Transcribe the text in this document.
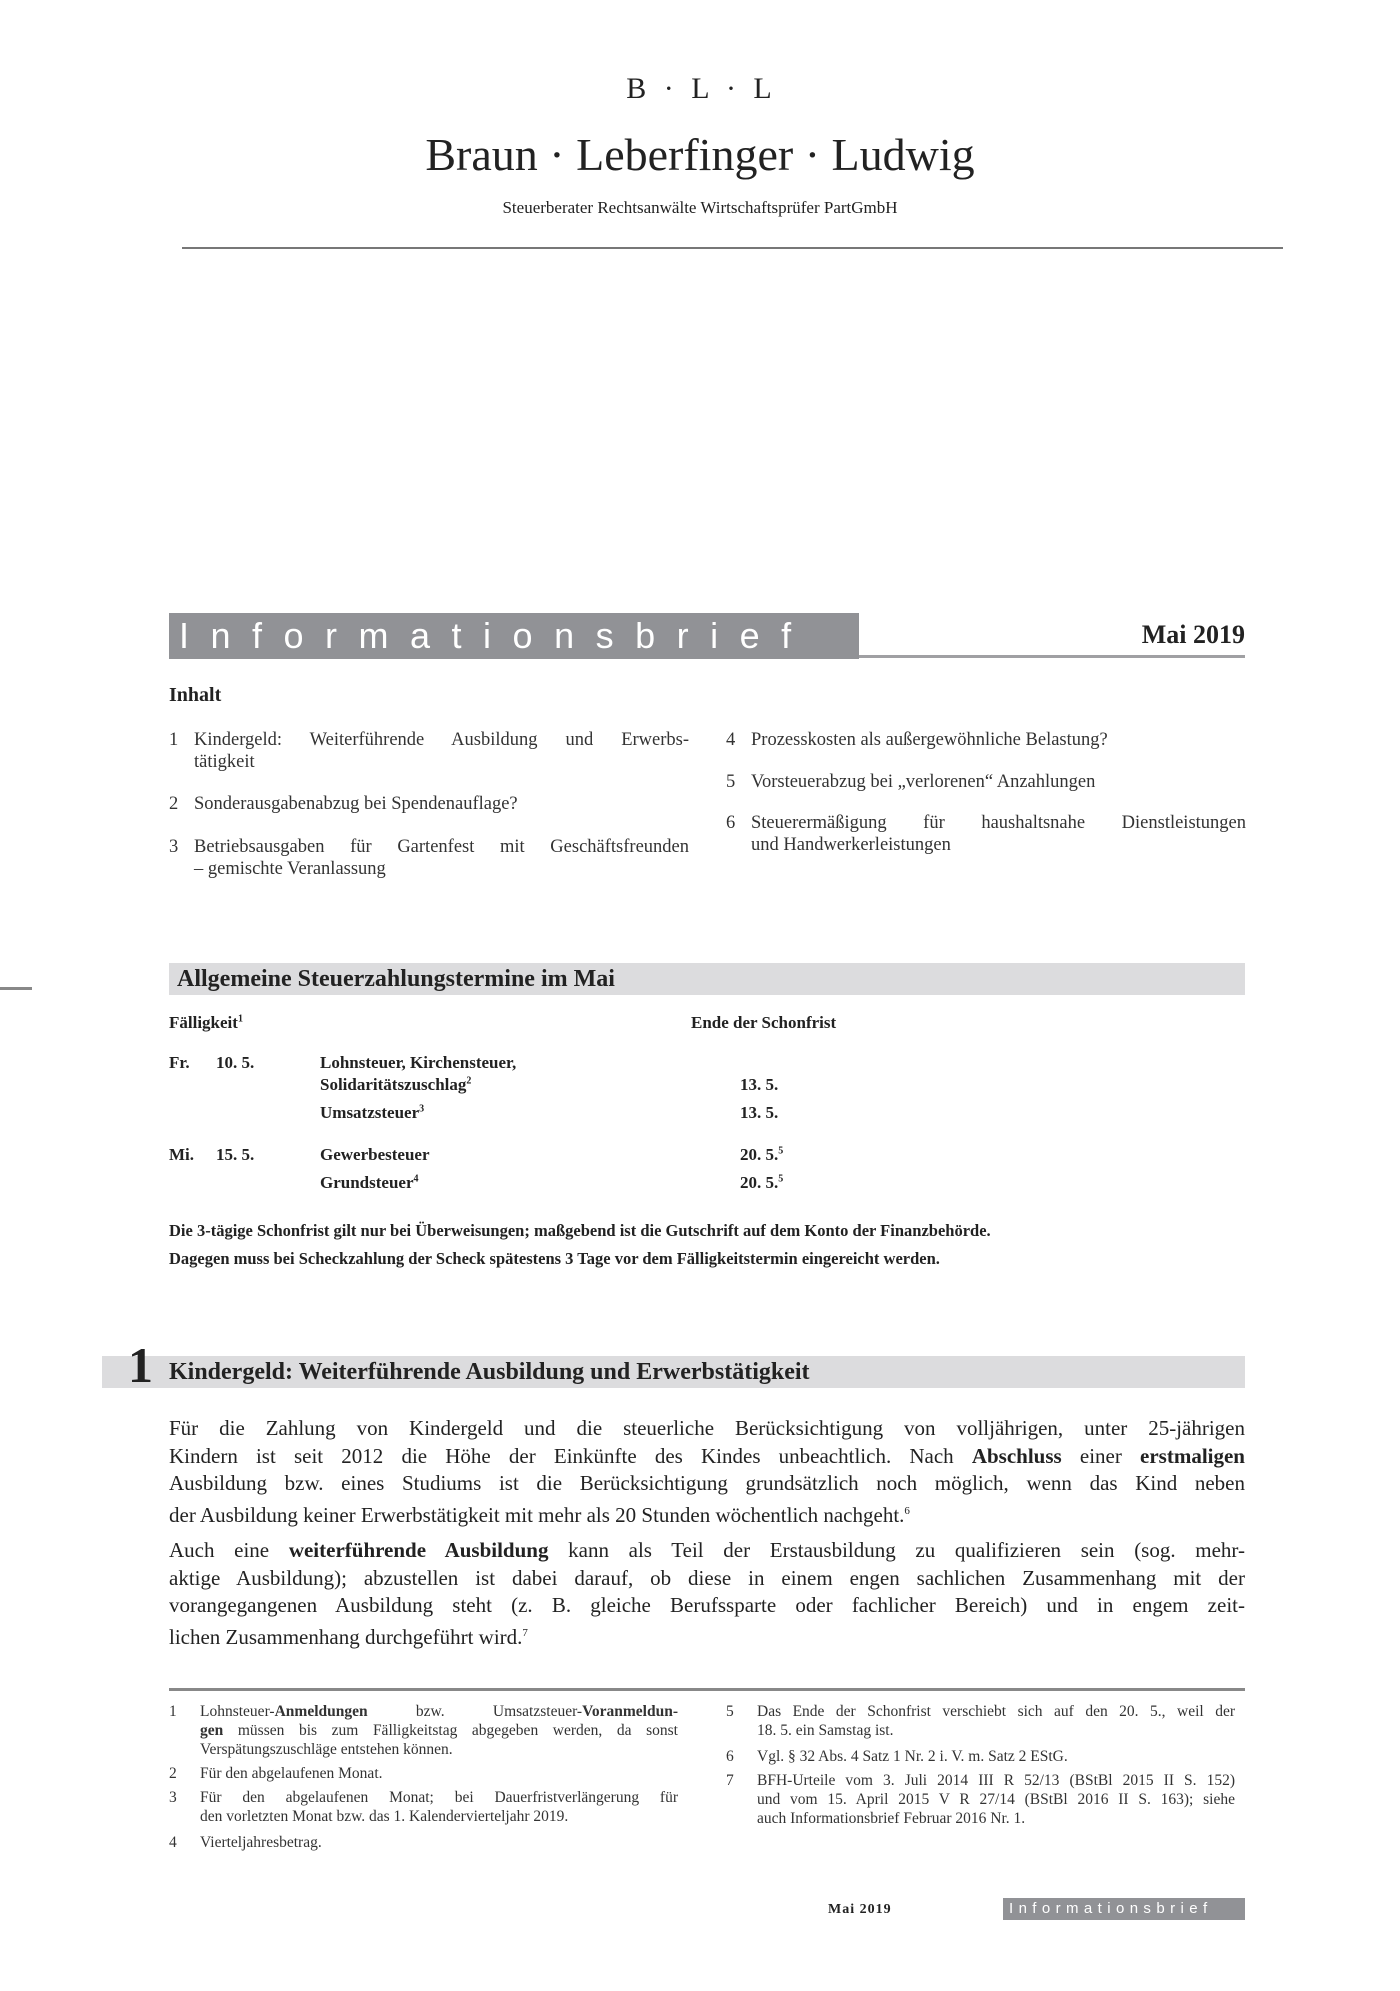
B · L · L
Braun · Leberfinger · Ludwig
Steuerberater Rechtsanwälte Wirtschaftsprüfer PartGmbH
Informationsbrief	Mai 2019
Inhalt
1 Kindergeld: Weiterführende Ausbildung und Erwerbs-
tätigkeit
2 Sonderausgabenabzug bei Spendenauflage?
3 Betriebsausgaben für Gartenfest mit Geschäftsfreunden
– gemischte Veranlassung
4 Prozesskosten als außergewöhnliche Belastung?
5 Vorsteuerabzug bei „verlorenen“ Anzahlungen
6 Steuerermäßigung für haushaltsnahe Dienstleistungen
und Handwerkerleistungen
Allgemeine Steuerzahlungstermine im Mai
Fälligkeit$^1$	Ende der Schonfrist
Fr. 10. 5.	Lohnsteuer, Kirchensteuer,
Solidaritätszuschlag$^2$	13. 5.
Umsatzsteuer$^3$	13. 5.
Mi. 15. 5.	Gewerbesteuer	20. 5.$^5$
Grundsteuer$^4$	20. 5.$^5$
Die 3-tägige Schonfrist gilt nur bei Überweisungen; maßgebend ist die Gutschrift auf dem Konto der Finanzbehörde.
Dagegen muss bei Scheckzahlung der Scheck spätestens 3 Tage vor dem Fälligkeitstermin eingereicht werden.
Kindergeld: Weiterführende Ausbildung und Erwerbstätigkeit
1
Für die Zahlung von Kindergeld und die steuerliche Berücksichtigung von volljährigen, unter 25-jährigen
Kindern ist seit 2012 die Höhe der Einkünfte des Kindes unbeachtlich. Nach Abschluss einer erstmaligen
Ausbildung bzw. eines Studiums ist die Berücksichtigung grundsätzlich noch möglich, wenn das Kind neben
der Ausbildung keiner Erwerbstätigkeit mit mehr als 20 Stunden wöchentlich nachgeht.$^6$
Auch eine weiterführende Ausbildung kann als Teil der Erstausbildung zu qualifizieren sein (sog. mehr-
aktige Ausbildung); abzustellen ist dabei darauf, ob diese in einem engen sachlichen Zusammenhang mit der
vorangegangenen Ausbildung steht (z. B. gleiche Berufssparte oder fachlicher Bereich) und in engem zeit-
lichen Zusammenhang durchgeführt wird.$^7$
1 Lohnsteuer-Anmeldungen bzw. Umsatzsteuer-Voranmeldun-
gen müssen bis zum Fälligkeitstag abgegeben werden, da sonst
Verspätungszuschläge entstehen können.
2 Für den abgelaufenen Monat.
3 Für den abgelaufenen Monat; bei Dauerfristverlängerung für
den vorletzten Monat bzw. das 1. Kalendervierteljahr 2019.
4 Vierteljahresbetrag.
5 Das Ende der Schonfrist verschiebt sich auf den 20. 5., weil der
18. 5. ein Samstag ist.
6 Vgl. § 32 Abs. 4 Satz 1 Nr. 2 i. V. m. Satz 2 EStG.
7 BFH-Urteile vom 3. Juli 2014 III R 52/13 (BStBl 2015 II S. 152)
und vom 15. April 2015 V R 27/14 (BStBl 2016 II S. 163); siehe
auch Informationsbrief Februar 2016 Nr. 1.
Mai 2019	Informationsbrief
